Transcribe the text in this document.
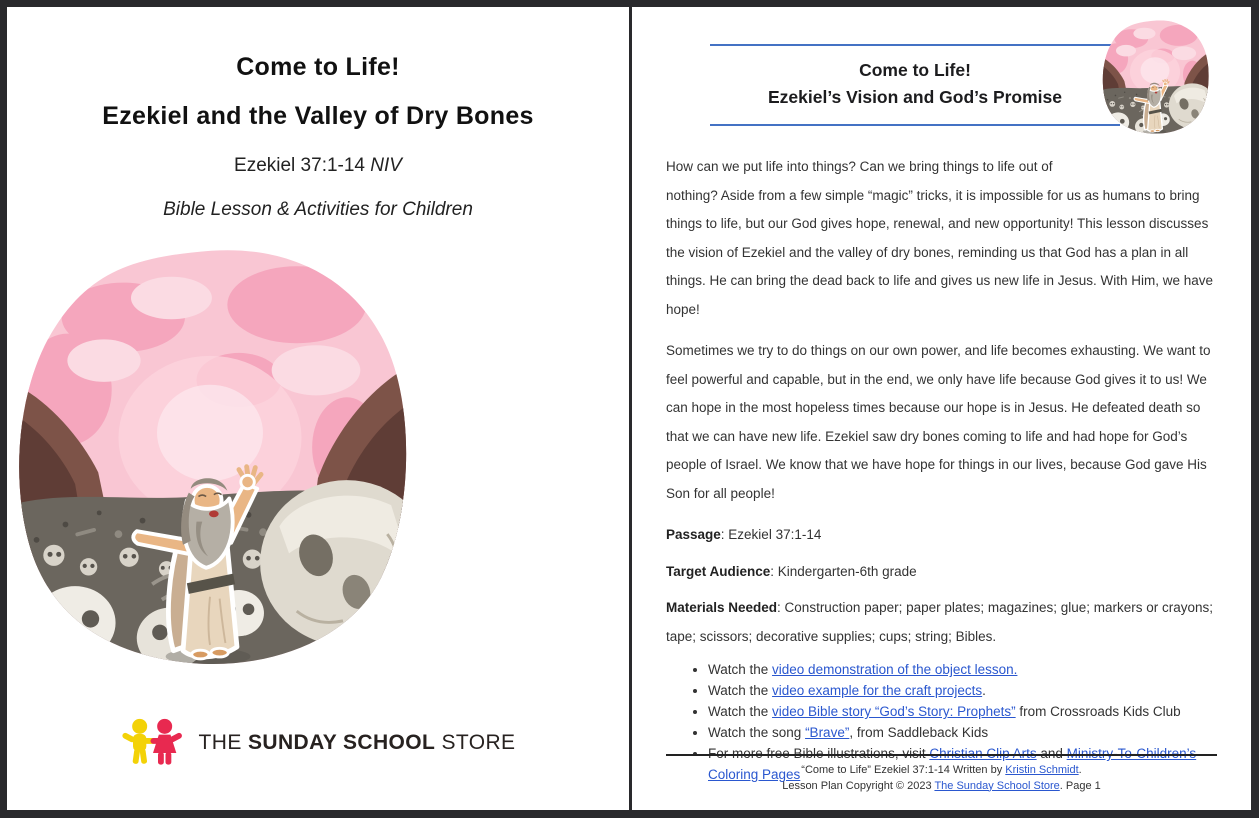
Come to Life!
Ezekiel and the Valley of Dry Bones
Ezekiel 37:1-14 NIV
Bible Lesson & Activities for Children
THE SUNDAY SCHOOL STORE
Come to Life!
Ezekiel’s Vision and God’s Promise

How can we put life into things? Can we bring things to life out of
nothing? Aside from a few simple “magic” tricks, it is impossible for us as humans to bring things to life, but our God gives hope, renewal, and new opportunity! This lesson discusses the vision of Ezekiel and the valley of dry bones, reminding us that God has a plan in all things. He can bring the dead back to life and gives us new life in Jesus. With Him, we have hope!

Sometimes we try to do things on our own power, and life becomes exhausting. We want to feel powerful and capable, but in the end, we only have life because God gives it to us! We can hope in the most hopeless times because our hope is in Jesus. He defeated death so that we can have new life. Ezekiel saw dry bones coming to life and had hope for God’s people of Israel. We know that we have hope for things in our lives, because God gave His Son for all people!

Passage: Ezekiel 37:1-14

Target Audience: Kindergarten-6th grade

Materials Needed: Construction paper; paper plates; magazines; glue; markers or crayons; tape; scissors; decorative supplies; cups; string; Bibles.

• Watch the video demonstration of the object lesson.
• Watch the video example for the craft projects.
• Watch the video Bible story “God’s Story: Prophets” from Crossroads Kids Club
• Watch the song “Brave”, from Saddleback Kids
• For more free Bible illustrations, visit Christian Clip Arts and Ministry-To-Children’s Coloring Pages “Come to Life” Ezekiel 37:1-14 Written by Kristin Schmidt.
Lesson Plan Copyright © 2023 The Sunday School Store. Page 1
